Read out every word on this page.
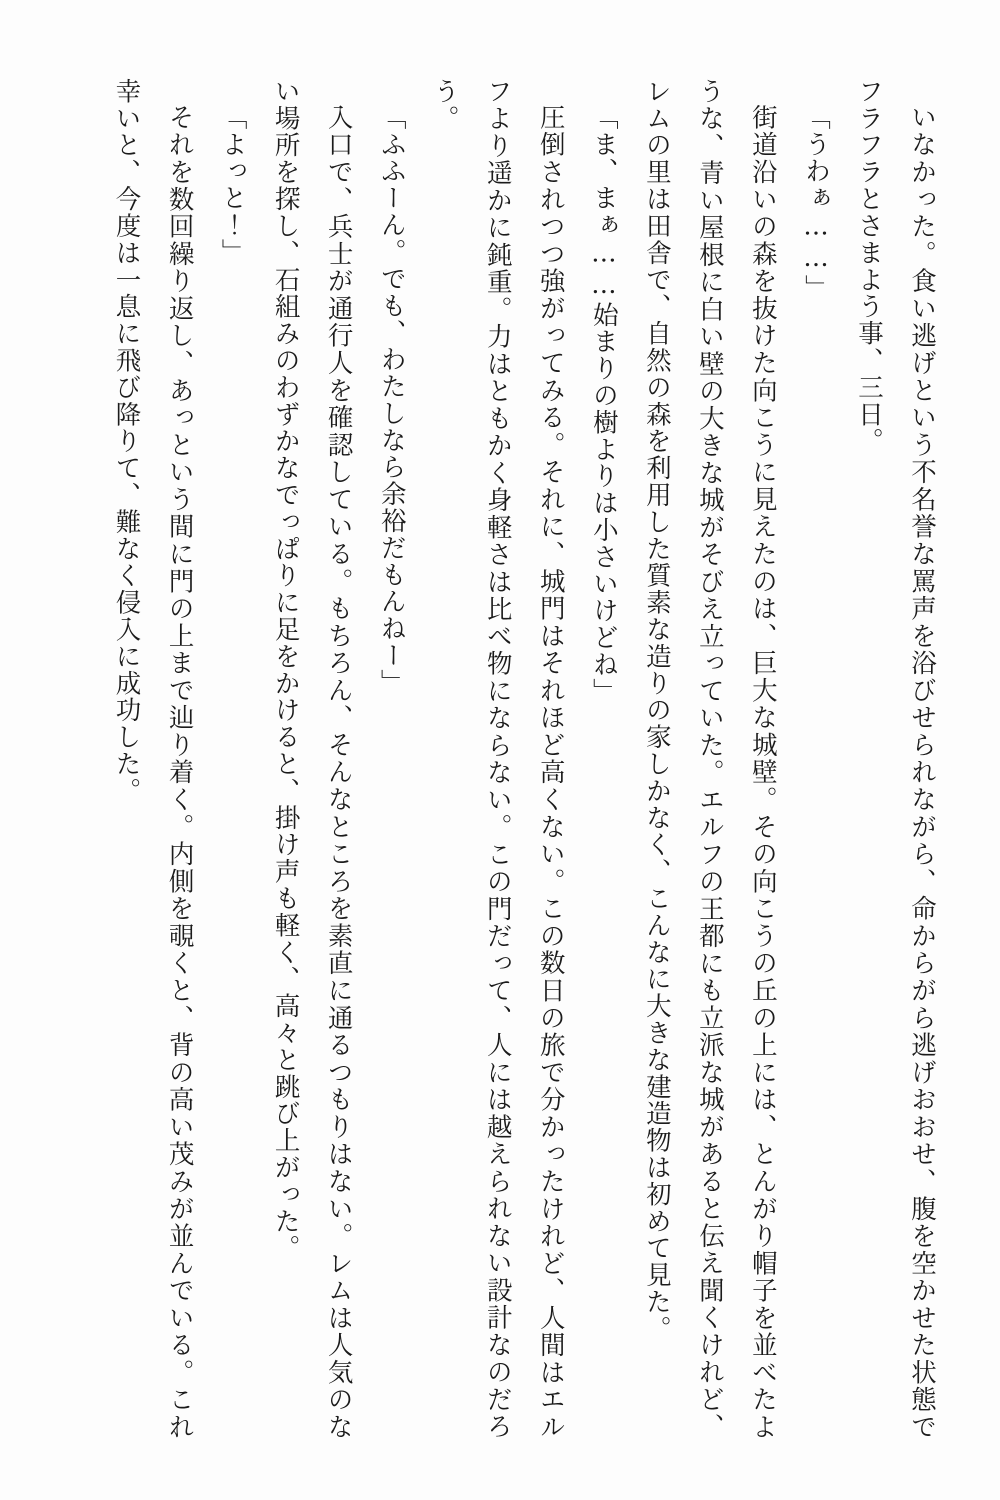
いなかった。食い逃げという不名誉な罵声を浴びせられながら、命からがら逃げおおせ、腹を空かせた状態でフラフラとさまよう事、三日。

「うわぁ……」

街道沿いの森を抜けた向こうに見えたのは、巨大な城壁。その向こうの丘の上には、とんがり帽子を並べたような、青い屋根に白い壁の大きな城がそびえ立っていた。エルフの王都にも立派な城があると伝え聞くけれど、レムの里は田舎で、自然の森を利用した質素な造りの家しかなく、こんなに大きな建造物は初めて見た。

「ま、まぁ……始まりの樹よりは小さいけどね」

圧倒されつつ強がってみる。それに、城門はそれほど高くない。この数日の旅で分かったけれど、人間はエルフより遥かに鈍重。力はともかく身軽さは比べ物にならない。この門だって、人には越えられない設計なのだろう。

「ふふーん。でも、わたしなら余裕だもんねー」

入口で、兵士が通行人を確認している。もちろん、そんなところを素直に通るつもりはない。レムは人気のない場所を探し、石組みのわずかなでっぱりに足をかけると、掛け声も軽く、高々と跳び上がった。

「よっと！」

それを数回繰り返し、あっという間に門の上まで辿り着く。内側を覗くと、背の高い茂みが並んでいる。これ幸いと、今度は一息に飛び降りて、難なく侵入に成功した。
